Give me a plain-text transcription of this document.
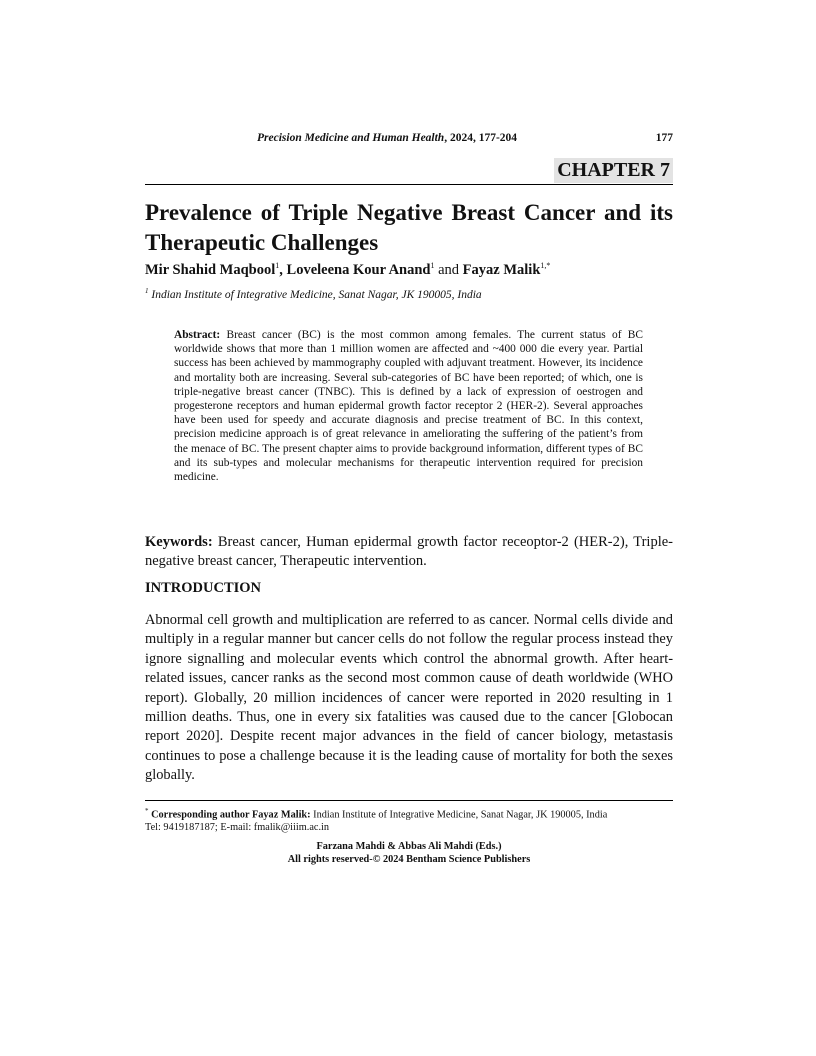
Precision Medicine and Human Health, 2024, 177-204	177
CHAPTER 7
Prevalence of Triple Negative Breast Cancer and its Therapeutic Challenges
Mir Shahid Maqbool$^1$, Loveleena Kour Anand$^1$ and Fayaz Malik$^{1,*}$
$^1$ Indian Institute of Integrative Medicine, Sanat Nagar, JK 190005, India
Abstract: Breast cancer (BC) is the most common among females. The current status of BC worldwide shows that more than 1 million women are affected and ~400 000 die every year. Partial success has been achieved by mammography coupled with adjuvant treatment. However, its incidence and mortality both are increasing. Several sub-categories of BC have been reported; of which, one is triple-negative breast cancer (TNBC). This is defined by a lack of expression of oestrogen and progesterone receptors and human epidermal growth factor receptor 2 (HER-2). Several approaches have been used for speedy and accurate diagnosis and precise treatment of BC. In this context, precision medicine approach is of great relevance in ameliorating the suffering of the patient’s from the menace of BC. The present chapter aims to provide background information, different types of BC and its sub-types and molecular mechanisms for therapeutic intervention required for precision medicine.
Keywords: Breast cancer, Human epidermal growth factor receoptor-2 (HER-2), Triple-negative breast cancer, Therapeutic intervention.
INTRODUCTION

Abnormal cell growth and multiplication are referred to as cancer. Normal cells divide and multiply in a regular manner but cancer cells do not follow the regular process instead they ignore signalling and molecular events which control the abnormal growth. After heart-related issues, cancer ranks as the second most common cause of death worldwide (WHO report). Globally, 20 million incidences of cancer were reported in 2020 resulting in 1 million deaths. Thus, one in every six fatalities was caused due to the cancer [Globocan report 2020]. Despite recent major advances in the field of cancer biology, metastasis continues to pose a challenge because it is the leading cause of mortality for both the sexes globally.

* Corresponding author Fayaz Malik: Indian Institute of Integrative Medicine, Sanat Nagar, JK 190005, India
Tel: 9419187187; E-mail: fmalik@iiim.ac.in
Farzana Mahdi & Abbas Ali Mahdi (Eds.)
All rights reserved-© 2024 Bentham Science Publishers
